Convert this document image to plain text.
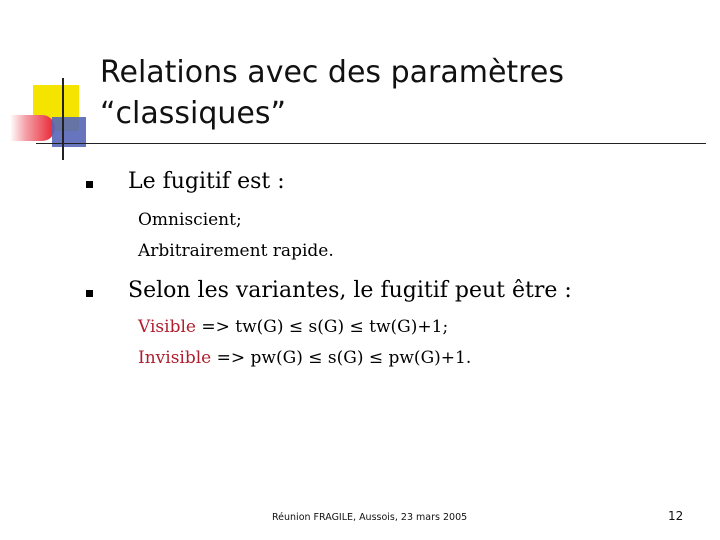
Relations avec des paramètres
“classiques”
Le fugitif est :
Omniscient;
Arbitrairement rapide.
Selon les variantes, le fugitif peut être :
Visible => tw(G) ≤ s(G) ≤ tw(G)+1;
Invisible => pw(G) ≤ s(G) ≤ pw(G)+1.
Réunion FRAGILE, Aussois, 23 mars 2005	12
